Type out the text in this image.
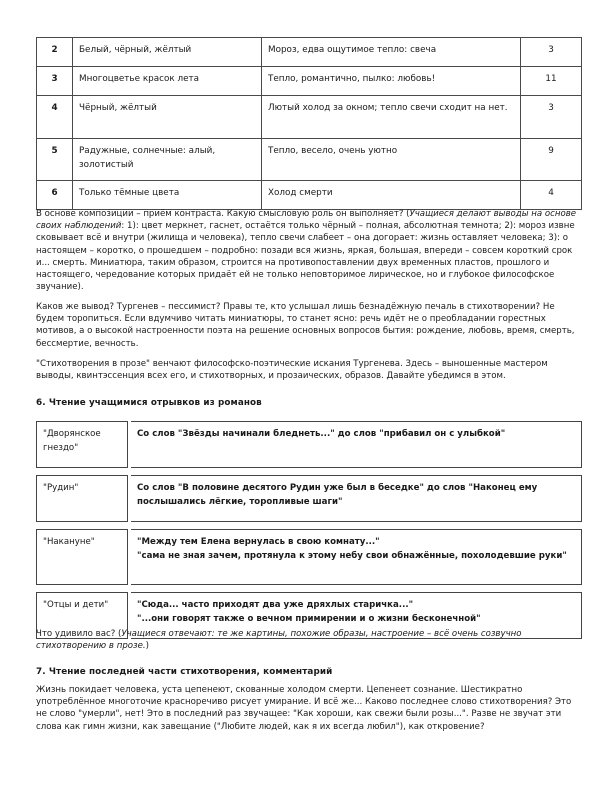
2	Белый, чёрный, жёлтый	Мороз, едва ощутимое тепло: свеча	3
3	Многоцветье красок лета	Тепло, романтично, пылко: любовь!	11
4	Чёрный, жёлтый	Лютый холод за окном; тепло свечи сходит на нет.	3
5	Радужные, солнечные: алый, золотистый	Тепло, весело, очень уютно	9
6	Только тёмные цвета	Холод смерти	4

В основе композиции – приём контраста. Какую смысловую роль он выполняет? (Учащиеся делают выводы на основе своих наблюдений: 1): цвет меркнет, гаснет, остаётся только чёрный – полная, абсолютная темнота; 2): мороз извне сковывает всё и внутри (жилища и человека), тепло свечи слабеет – она догорает: жизнь оставляет человека; 3): о настоящем – коротко, о прошедшем – подробно: позади вся жизнь, яркая, большая, впереди – совсем короткий срок и... смерть. Миниатюра, таким образом, строится на противопоставлении двух временных пластов, прошлого и настоящего, чередование которых придаёт ей не только неповторимое лирическое, но и глубокое философское звучание).

Каков же вывод? Тургенев – пессимист? Правы те, кто услышал лишь безнадёжную печаль в стихотворении? Не будем торопиться. Если вдумчиво читать миниатюры, то станет ясно: речь идёт не о преобладании горестных мотивов, а о высокой настроенности поэта на решение основных вопросов бытия: рождение, любовь, время, смерть, бессмертие, вечность.

"Стихотворения в прозе" венчают философско-поэтические искания Тургенева. Здесь – выношенные мастером выводы, квинтэссенция всех его, и стихотворных, и прозаических, образов. Давайте убедимся в этом.

6. Чтение учащимися отрывков из романов

"Дворянское гнездо"		Со слов "Звёзды начинали бледнеть..." до слов "прибавил он с улыбкой"
"Рудин"		Со слов "В половине десятого Рудин уже был в беседке" до слов "Наконец ему послышались лёгкие, торопливые шаги"
"Накануне"		"Между тем Елена вернулась в свою комнату..."
"сама не зная зачем, протянула к этому небу свои обнажённые, похолодевшие руки"

"Отцы и дети"		"Сюда... часто приходят два уже дряхлых старичка..."
"...они говорят также о вечном примирении и о жизни бесконечной"

Что удивило вас? (Учащиеся отвечают: те же картины, похожие образы, настроение – всё очень созвучно стихотворению в прозе.)

7. Чтение последней части стихотворения, комментарий

Жизнь покидает человека, уста цепенеют, скованные холодом смерти. Цепенеет сознание. Шестикратно употреблённое многоточие красноречиво рисует умирание. И всё же... Каково последнее слово стихотворения? Это не слово "умерли", нет! Это в последний раз звучащее: "Как хороши, как свежи были розы...". Разве не звучат эти слова как гимн жизни, как завещание ("Любите людей, как я их всегда любил"), как откровение?
